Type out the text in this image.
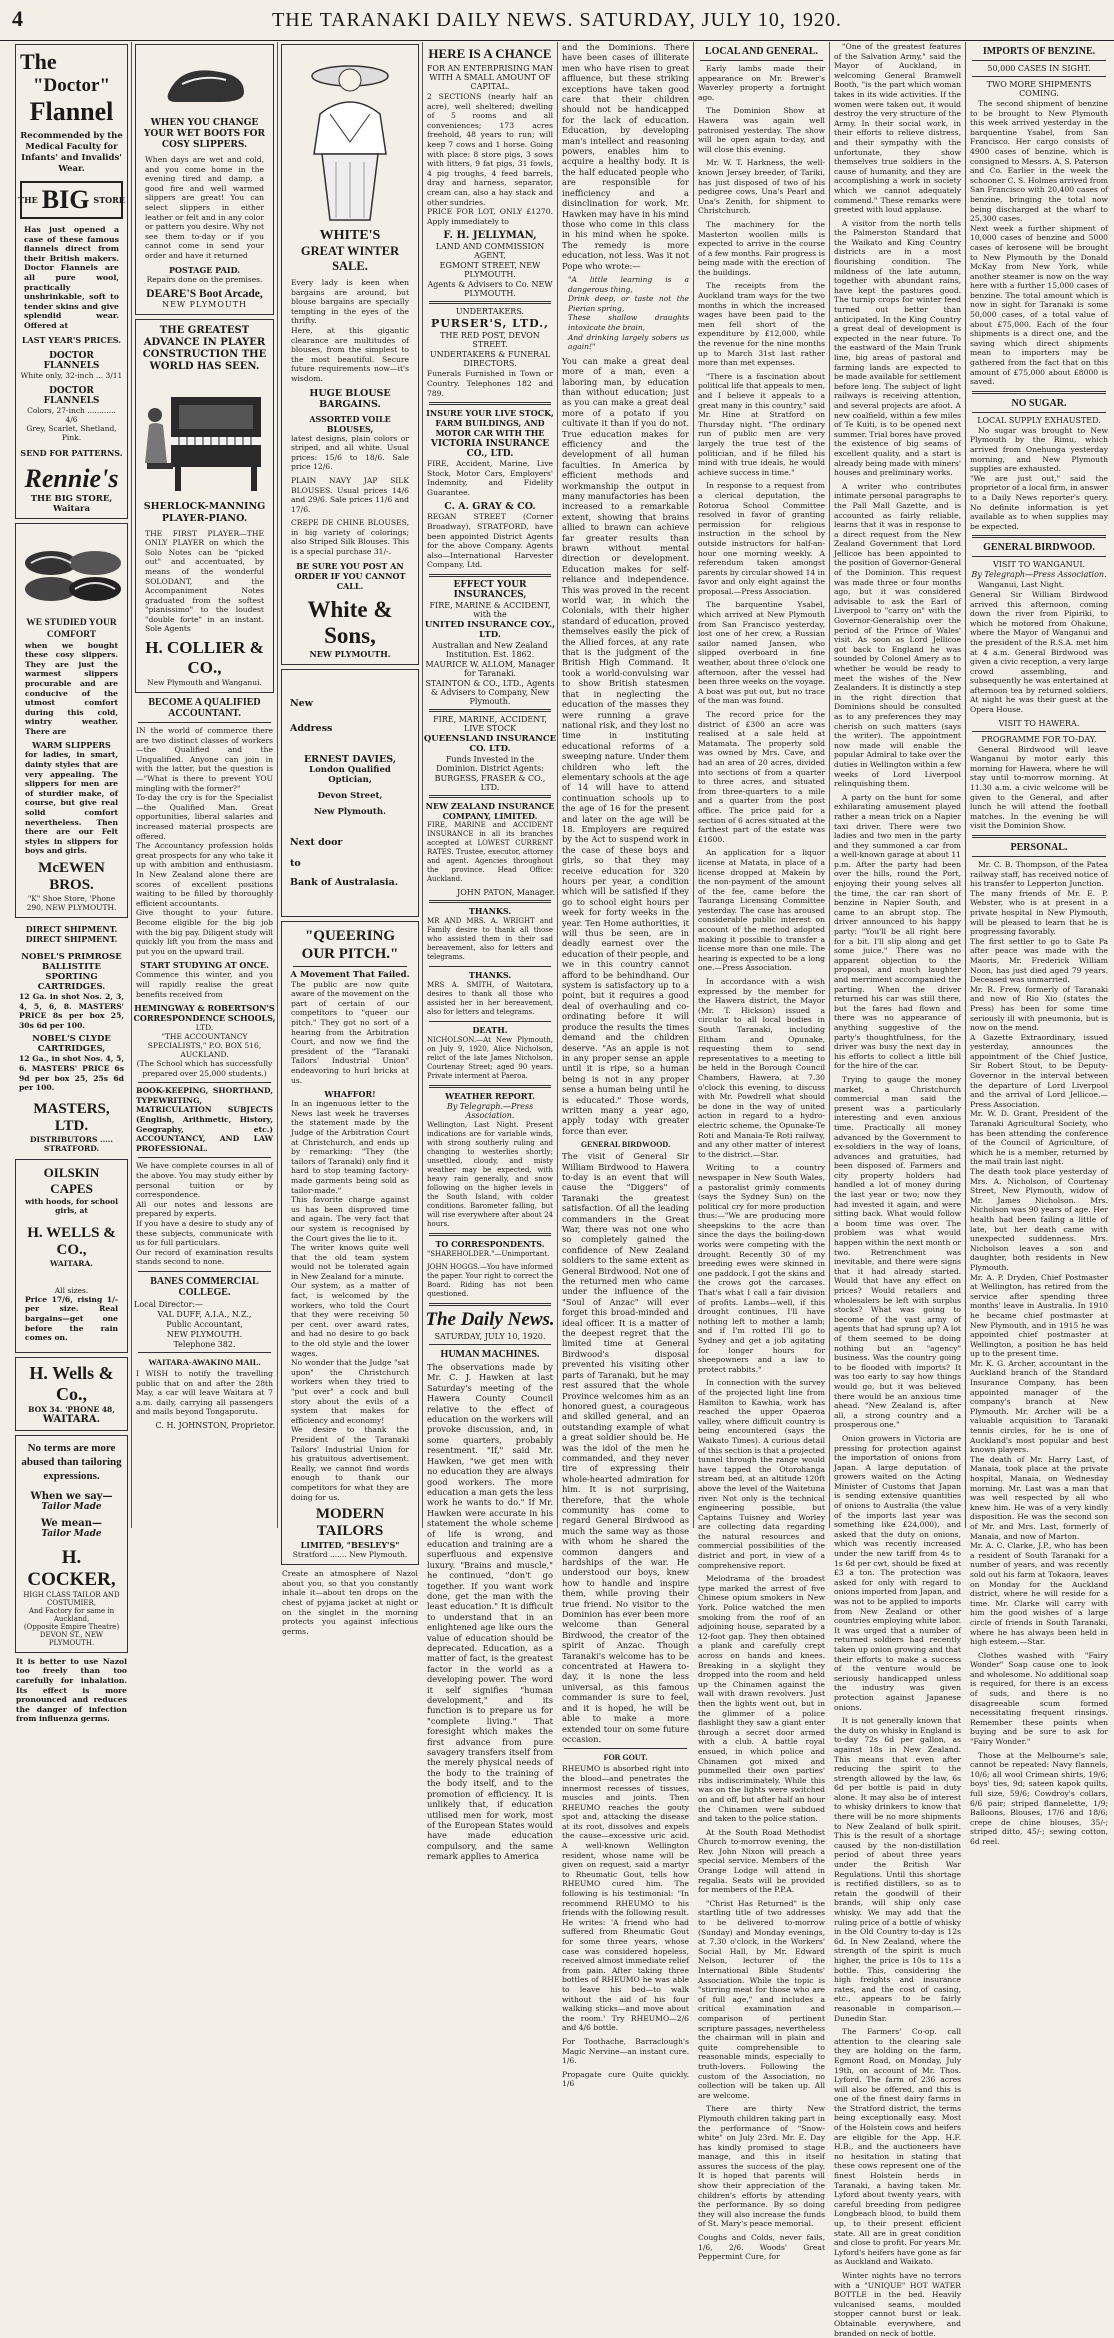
4	THE TARANAKI DAILY NEWS. SATURDAY, JULY 10, 1920.
The
"Doctor"
Flannel
Recommended by the Medical Faculty for Infants' and Invalids' Wear.
THE BIG STORE
Has just opened a case of these famous flannels direct from their British makers. Doctor Flannels are all pure wool, practically unshrinkable, soft to tender skins and give splendid wear. Offered at
LAST YEAR'S PRICES.
DOCTOR FLANNELS
White only, 32-inch ... 3/11
DOCTOR FLANNELS
Colors, 27-inch ............ 4/6
Grey, Scarlet, Shetland, Pink.
SEND FOR PATTERNS.
Rennie's
THE BIG STORE, Waitara
WE STUDIED YOUR COMFORT
when we bought these cosy slippers. They are just the warmest slippers procurable and are conducive of the utmost comfort during this cold, wintry weather. There are
WARM SLIPPERS
for ladies, in smart, dainty styles that are very appealing. The slippers for men are of sturdier make, of course, but give real solid comfort nevertheless. Then there are our Felt styles in slippers for boys and girls.
McEWEN BROS.
"K" Shoe Store, 'Phone 290, NEW PLYMOUTH.
DIRECT SHIPMENT.
DIRECT SHIPMENT.
NOBEL'S PRIMROSE BALLISTITE SPORTING CARTRIDGES.
12 Ga. in shot Nos. 2, 3, 4, 5, 6, 8. MASTERS' PRICE 8s per box 25, 30s 6d per 100.
NOBEL'S CLYDE CARTRIDGES,
12 Ga., in shot Nos. 4, 5, 6. MASTERS' PRICE 6s 9d per box 25, 25s 6d per 100.
MASTERS, LTD.
DISTRIBUTORS ..... STRATFORD.
OILSKIN CAPES
with hoods, for school girls, at
H. WELLS & CO.,
WAITARA.
All sizes.
Price 17/6, rising 1/- per size. Real bargains—get one before the rain comes on.
H. Wells & Co.,
BOX 34. 'PHONE 48,
WAITARA.
No terms are more abused than tailoring expressions.
When we say—
Tailor Made
We mean—
Tailor Made
H. COCKER,
HIGH CLASS TAILOR AND COSTUMIER,
And Factory for same in Auckland,
(Opposite Empire Theatre)
DEVON ST., NEW PLYMOUTH.
It is better to use Nazol too freely than too carefully for inhalation. Its effect is more pronounced and reduces the danger of infection from influenza germs.
WHEN YOU CHANGE YOUR WET BOOTS FOR COSY SLIPPERS.
When days are wet and cold, and you come home in the evening tired and damp, a good fire and well warmed slippers are great! You can select slippers in either leather or felt and in any color or pattern you desire. Why not see them to-day or if you cannot come in send your order and have it returned
POSTAGE PAID.
Repairs done on the premises.
DEARE'S Boot Arcade,
NEW PLYMOUTH
THE GREATEST ADVANCE IN PLAYER CONSTRUCTION THE WORLD HAS SEEN.
SHERLOCK-MANNING PLAYER-PIANO.
THE FIRST PLAYER—THE ONLY PLAYER on which the Solo Notes can be "picked out" and accentuated, by means of the wonderful SOLODANT, and the Accompaniment Notes graduated from the softest "pianissimo" to the loudest "double forte" in an instant. Sole Agents
H. COLLIER & CO.,
New Plymouth and Wanganui.
BECOME A QUALIFIED ACCOUNTANT.
IN the world of commerce there are two distinct classes of workers—the Qualified and the Unqualified. Anyone can join in with the latter, but the question is—"What is there to prevent YOU mingling with the former?"
To-day the cry is for the Specialist—the Qualified Man. Great opportunities, liberal salaries and increased material prospects are offered.
The Accountancy profession holds great prospects for any who take it up with ambition and enthusiasm. In New Zealand alone there are scores of excellent positions waiting to be filled by thoroughly efficient accountants.
Give thought to your future. Become eligible for the big job with the big pay. Diligent study will quickly lift you from the mass and put you on the upward trail.
START STUDYING AT ONCE.
Commence this winter, and you will rapidly realise the great benefits received from
HEMINGWAY & ROBERTSON'S CORRESPONDENCE SCHOOLS,
LTD.
"THE ACCOUNTANCY SPECIALISTS," P.O. BOX 516, AUCKLAND.
(The School which has successfully prepared over 25,000 students.)
BOOK-KEEPING, SHORTHAND, TYPEWRITING, MATRICULATION SUBJECTS (English, Arithmetic, History, Geography, etc.) ACCOUNTANCY, AND LAW PROFESSIONAL.
We have complete courses in all of the above. You may study either by personal tuition or by correspondence.
All our notes and lessons are prepared by experts.
If you have a desire to study any of these subjects, communicate with us for full particulars.
Our record of examination results stands second to none.
BANES COMMERCIAL COLLEGE.
Local Director:—
VAL DUFF, A.I.A., N.Z.,
Public Accountant,
NEW PLYMOUTH.
Telephone 382.
WAITARA-AWAKINO MAIL.
I WISH to notify the travelling public that on and after the 28th May, a car will leave Waitara at 7 a.m. daily, carrying all passengers and mails beyond Tongaporutu.
C. H. JOHNSTON, Proprietor.
WHITE'S
GREAT WINTER SALE.
Every lady is keen when bargains are around, but blouse bargains are specially tempting in the eyes of the thrifty.
Here, at this gigantic clearance are multitudes of blouses, from the simplest to the most beautiful. Secure future requirements now—it's wisdom.
HUGE BLOUSE BARGAINS.
ASSORTED VOILE BLOUSES,
latest designs, plain colors or striped, and all white. Usual prices: 15/6 to 18/6. Sale price 12/6.
PLAIN NAVY JAP SILK BLOUSES. Usual prices 14/6 and 29/6. Sale prices 11/6 and 17/6.
CREPE DE CHINE BLOUSES, in big variety of colorings; also Striped Silk Blouses. This is a special purchase 31/-.
BE SURE YOU POST AN ORDER IF YOU CANNOT CALL.
White & Sons,
NEW PLYMOUTH.
New
Address
ERNEST DAVIES,
London Qualified Optician,
Devon Street,
New Plymouth.
Next door
to
Bank of Australasia.
"QUEERING OUR PITCH."
A Movement That Failed.
The public are now quite aware of the movement on the part of certain of our competitors to "queer our pitch." They got no sort of a hearing from the Arbitration Court, and now we find the president of the "Taranaki Tailors' Industrial Union" endeavoring to hurl bricks at us.
WHAFFOR!
In an ingenuous letter to the News last week he traverses the statement made by the Judge of the Arbitration Court at Christchurch, and ends up by remarking: "They (the tailors of Taranaki) only find it hard to stop teaming factory-made garments being sold as tailor-made."
This favorite charge against us has been disproved time and again. The very fact that our system is recognised by the Court gives the lie to it.
The writer knows quite well that the old team system would not be tolerated again in New Zealand for a minute.
Our system, as a matter of fact, is welcomed by the workers, who told the Court that they were receiving 50 per cent. over award rates, and had no desire to go back to the old style and the lower wages.
No wonder that the Judge "sat upon" the Christchurch workers when they tried to "put over" a cock and bull story about the evils of a system that makes for efficiency and economy!
We desire to thank the President of the Taranaki Tailors' Industrial Union for his gratuitous advertisement. Really, we cannot find words enough to thank our competitors for what they are doing for us.
MODERN TAILORS
LIMITED, "BESLEY'S"
Stratford ....... New Plymouth.
Create an atmosphere of Nazol about you, so that you constantly inhale it—about ten drops on the chest of pyjama jacket at night or on the singlet in the morning protects you against infectious germs.
HERE IS A CHANCE
FOR AN ENTERPRISING MAN WITH A SMALL AMOUNT OF CAPITAL.
2 SECTIONS (nearly half an acre), well sheltered; dwelling of 5 rooms and all conveniences; 173 acres freehold, 48 years to run; will keep 7 cows and 1 horse. Going with place: 8 store pigs, 3 sows with litters, 9 fat pigs, 31 fowls, 4 pig troughs, 4 feed barrels, dray and harness, separator, cream can, also a hay stack and other sundries.
PRICE FOR LOT, ONLY £1270. Apply immediately to
F. H. JELLYMAN,
LAND AND COMMISSION AGENT,
EGMONT STREET, NEW PLYMOUTH.
Agents & Advisers to Co. NEW PLYMOUTH.
UNDERTAKERS.
PURSER'S, LTD.,
THE RED POST, DEVON STREET.
UNDERTAKERS & FUNERAL DIRECTORS.
Funerals Furnished in Town or Country. Telephones 182 and 789.
INSURE YOUR LIVE STOCK, FARM BUILDINGS, AND MOTOR CAR WITH THE
VICTORIA INSURANCE CO., LTD.
FIRE, Accident, Marine, Live Stock, Motor Cars, Employers' Indemnity, and Fidelity Guarantee.
C. A. GRAY & CO.
REGAN STREET (Corner Broadway), STRATFORD, have been appointed District Agents for the above Company. Agents also—International Harvester Company, Ltd.
EFFECT YOUR INSURANCES,
FIRE, MARINE & ACCIDENT, with the
UNITED INSURANCE COY., LTD.
Australian and New Zealand Institution. Est. 1862.
MAURICE W. ALLOM, Manager for Taranaki.
STAINTON & CO., LTD., Agents & Advisers to Company, New Plymouth.
FIRE, MARINE, ACCIDENT, LIVE STOCK
QUEENSLAND INSURANCE CO. LTD.
Funds Invested in the Dominion. District Agents:
BURGESS, FRASER & CO., LTD.
NEW ZEALAND INSURANCE COMPANY, LIMITED.
FIRE, MARINE and ACCIDENT INSURANCE in all its branches accepted at LOWEST CURRENT RATES. Trustee, executor, attorney and agent. Agencies throughout the province. Head Office: Auckland.
JOHN PATON, Manager.
THANKS.
MR AND MRS. A. WRIGHT and Family desire to thank all those who assisted them in their sad bereavement, also for letters and telegrams.
THANKS.
MRS A. SMITH, of Waitotara, desires to thank all those who assisted her in her bereavement, also for letters and telegrams.
DEATH.
NICHOLSON.—At New Plymouth, on July 9, 1920, Alice Nicholson, relict of the late James Nicholson, Courtenay Street; aged 90 years. Private interment at Paeroa.
WEATHER REPORT.
By Telegraph.—Press Association.
Wellington, Last Night. Present indications are for variable winds, with strong southerly ruling and changing to westerlies shortly; unsettled, cloudy, and misty weather may be expected, with heavy rain generally, and snow following on the higher levels in the South Island, with colder conditions. Barometer falling, but will rise everywhere after about 24 hours.
TO CORRESPONDENTS.
"SHAREHOLDER."—Unimportant.
JOHN HOGGS.—You have informed the paper. Your right to correct the Board. Riding has not been questioned.
The Daily News.
SATURDAY, JULY 10, 1920.
HUMAN MACHINES.
The observations made by Mr. C. J. Hawken at last Saturday's meeting of the Hawera County Council relative to the effect of education on the workers will provoke discussion, and, in some quarters, probably resentment. "If," said Mr. Hawken, "we get men with no education they are always good workers. The more education a man gets the less work he wants to do." If Mr. Hawken were accurate in his statement the whole scheme of life is wrong, and education and training are a superfluous and expensive luxury. "Brains and muscle," he continued, "don't go together. If you want work done, get the man with the least education." It is difficult to understand that in an enlightened age like ours the value of education should be deprecated. Education, as a matter of fact, is the greatest factor in the world as a developing power. The word it self signifies "human development," and its function is to prepare us for "complete living." That foresight which makes the first advance from pure savagery transfers itself from the merely physical needs of the body to the training of the body itself, and to the promotion of efficiency. It is unlikely that, if education utilised men for work, most of the European States would have made education compulsory, and the same remark applies to America
and the Dominions. There have been cases of illiterate men who have risen to great affluence, but these striking exceptions have taken good care that their children should not be handicapped for the lack of education. Education, by developing man's intellect and reasoning powers, enables him to acquire a healthy body. It is the half educated people who are responsible for inefficiency and a disinclination for work. Mr. Hawken may have in his mind those who come in this class in his mind when he spoke. The remedy is more education, not less. Was it not Pope who wrote:—
"A little learning is a dangerous thing,
Drink deep, or taste not the Pierian spring,
These shallow draughts intoxicate the brain,
And drinking largely sobers us again!"
You can make a great deal more of a man, even a laboring man, by education than without education; just as you can make a great deal more of a potato if you cultivate it than if you do not. True education makes for efficiency and the development of all human faculties. In America by efficient methods and workmanship the output in many manufactories has been increased to a remarkable extent, showing that brains allied to brawn can achieve far greater results than brawn without mental direction or development. Education makes for self-reliance and independence. This was proved in the recent world war, in which the Colonials, with their higher standard of education, proved themselves easily the pick of the Allied forces, at any rate that is the judgment of the British High Command. It took a world-convulsing war to show British statesmen that in neglecting the education of the masses they were running a grave national risk, and they lost no time in instituting educational reforms of a sweeping nature. Under them children who left the elementary schools at the age of 14 will have to attend continuation schools up to the age of 16 for the present and later on the age will be 18. Employers are required by the Act to suspend work in the case of these boys and girls, so that they may receive education for 320 hours per year, a condition which will be satisfied if they go to school eight hours per week for forty weeks in the year. Ten Home authorities, it will thus be seen, are in deadly earnest over the education of their people, and we in this country cannot afford to be behindhand. Our system is satisfactory up to a point, but it requires a good deal of overhauling and co-ordinating before it will produce the results the times demand and the children deserve. "As an apple is not in any proper sense an apple until it is ripe, so a human being is not in any proper sense a human being until he is educated." Those words, written many a year ago, apply today with greater force than ever.
GENERAL BIRDWOOD.
The visit of General Sir William Birdwood to Hawera to-day is an event that will cause the "Diggers" of Taranaki the greatest satisfaction. Of all the leading commanders in the Great War, there was not one who so completely gained the confidence of New Zealand soldiers to the same extent as General Birdwood. Not one of the returned men who came under the influence of the "Soul of Anzac" will ever forget this broad-minded and ideal officer. It is a matter of the deepest regret that the limited time at General Birdwood's disposal prevented his visiting other parts of Taranaki, but he may rest assured that the whole Province welcomes him as an honored guest, a courageous and skilled general, and an outstanding example of what a great soldier should be. He was the idol of the men he commanded, and they never tire of expressing their whole-hearted admiration for him. It is not surprising, therefore, that the whole community has come to regard General Birdwood as much the same way as those with whom he shared the common dangers and hardships of the war. He understood our boys, knew how to handle and inspire them, while proving their true friend. No visitor to the Dominion has ever been more welcome than General Birdwood, the creator of the spirit of Anzac. Though Taranaki's welcome has to be concentrated at Hawera to-day, it is none the less universal, as this famous commander is sure to feel, and it is hoped, he will be able to make a more extended tour on some future occasion.
FOR GOUT.
RHEUMO is absorbed right into the blood—and penetrates the innermost recesses of tissues, muscles and joints. Then RHEUMO reaches the gouty spot and, attacking the disease at its root, dissolves and expels the cause—excessive uric acid. A well-known Wellington resident, whose name will be given on request, said a martyr to Rheumatic Gout, tells how RHEUMO cured him. The following is his testimonial: "In recommend RHEUMO to his friends with the following result. He writes: 'A friend who had suffered from Rheumatic Gout for some three years, whose case was considered hopeless, received almost immediate relief from pain. After taking three bottles of RHEUMO he was able to leave his bed—to walk without the aid of his four walking sticks—and move about the room.' Try RHEUMO—2/6 and 4/6 bottle.
For Toothache, Barraclough's Magic Nervine—an instant cure. 1/6.
Propagate cure Quite quickly. 1/6
LOCAL AND GENERAL.
Early lambs made their appearance on Mr. Brewer's Waverley property a fortnight ago.
The Dominion Show at Hawera was again well patronised yesterday. The show will be open again to-day, and will close this evening.
Mr. W. T. Harkness, the well-known Jersey breeder, of Tariki, has just disposed of two of his pedigree cows, Una's Pearl and Una's Zenith, for shipment to Christchurch.
The machinery for the Masterton woollen mills is expected to arrive in the course of a few months. Fair progress is being made with the erection of the buildings.
The receipts from the Auckland tram ways for the two months in which the increased wages have been paid to the men fell short of the expenditure by £12,000, while the revenue for the nine months up to March 31st last rather more than met expenses.
"There is a fascination about political life that appeals to men, and I believe it appeals to a great many in this country," said Mr. Hine at Stratford on Thursday night. "The ordinary run of public men are very largely the true test of the politician, and if he filled his mind with true ideals, he would achieve success in time."
In response to a request from a clerical deputation, the Rotorua School Committee resolved in favor of granting permission for religious instruction in the school by outside instructors for half-an-hour one morning weekly. A referendum taken amongst parents by circular showed 14 in favor and only eight against the proposal.—Press Association.
The barquentine Ysabel, which arrived at New Plymouth from San Francisco yesterday, lost one of her crew, a Russian sailor named Jansen, who slipped overboard in fine weather, about three o'clock one afternoon, after the vessel had been three weeks on the voyage. A boat was put out, but no trace of the man was found.
The record price for the district of £300 an acre was realised at a sale held at Matamata. The property sold was owned by Mrs. Cave, and had an area of 20 acres, divided into sections of from a quarter to three acres, and situated from three-quarters to a mile and a quarter from the post office. The price paid for a section of 6 acres situated at the farthest part of the estate was £1600.
An application for a liquor license at Matata, in place of a license dropped at Makein by the non-payment of the amount of the fee, came before the Tauranga Licensing Committee yesterday. The case has aroused considerable public interest on account of the method adopted making it possible to transfer a license more than one mile. The hearing is expected to be a long one.—Press Association.
In accordance with a wish expressed by the member for the Hawera district, the Mayor (Mr. T. Hickson) issued a circular to all local bodies in South Taranaki, including Eltham and Opunake, requesting them to send representatives to a meeting to be held in the Borough Council Chambers, Hawera, at 7.30 o'clock this evening, to discuss with Mr. Powdrell what should be done in the way of united action in regard to a hydro-electric scheme, the Opunake-Te Roti and Manaia-Te Roti railway, and any other matter of interest to the district.—Star.
Writing to a country newspaper in New South Wales, a pastoralist grimly comments (says the Sydney Sun) on the political cry for more production thus:—"We are producing more sheepskins to the acre than since the days the boiling-down works were competing with the drought. Recently 30 of my breeding ewes were skinned in one paddock. I got the skins and the crows got the carcases. That's what I call a fair division of profits. Lambs—well, if this drought continues, I'll have nothing left to mother a lamb; and if I'm rotted I'll go to Sydney and get a job agitating for longer hours for sheepowners and a law to protect rabbits."
In connection with the survey of the projected light line from Hamilton to Kawhia, work has reached the upper Opaeroa valley, where difficult country is being encountered (says the Waikato Times). A curious detail of this section is that a projected tunnel through the range would have tapped the Otorohanga stream bed, at an altitude 120ft above the level of the Waitetuna river. Not only is the technical engineering possible, but Captains Tuisney and Worley are collecting data regarding the natural resources and commercial possibilities of the district and port, in view of a comprehensive report.
Melodrama of the broadest type marked the arrest of five Chinese opium smokers in New York. Police watched the men smoking from the roof of an adjoining house, separated by a 12-foot gap. They then obtained a plank and carefully crept across on hands and knees. Breaking in a skylight they dropped into the room and held up the Chinamen against the wall with drawn revolvers. Just then the lights went out, but in the glimmer of a police flashlight they saw a giant enter through a secret door armed with a club. A battle royal ensued, in which police and Chinamen got mixed and pummelled their own parties' ribs indiscriminately. While this was on the lights were switched on and off, but after half an hour the Chinamen were subdued and taken to the police station.
At the South Road Methodist Church to-morrow evening, the Rev. John Nixon will preach a special service. Members of the Orange Lodge will attend in regalia. Seats will be provided for members of the P.P.A.
"Christ Has Returned" is the startling title of two addresses to be delivered to-morrow (Sunday) and Monday evenings, at 7.30 o'clock, in the Workers' Social Hall, by Mr. Edward Nelson, lecturer of the International Bible Students' Association. While the topic is "stirring meat for those who are of full age," and includes a critical examination and comparison of pertinent scripture passages, nevertheless the chairman will in plain and quite comprehensible to reasonable minds, especially to truth-lovers. Following the custom of the Association, no collection will be taken up. All are welcome.
There are thirty New Plymouth children taking part in the performance of "Snow-white" on July 23rd. Mr. E. Day has kindly promised to stage manage, and this in itself assures the success of the play. It is hoped that parents will show their appreciation of the children's efforts by attending the performance. By so doing they will also increase the funds of St. Mary's peace memorial.
Coughs and Colds, never fails, 1/6, 2/6. Woods' Great Peppermint Cure, for
"One of the greatest features of the Salvation Army," said the Mayor of Auckland, in welcoming General Bramwell Booth, "is the part which woman takes in its wide activities. If the women were taken out, it would destroy the very structure of the Army. In their social work, in their efforts to relieve distress, and their sympathy with the unfortunate, they show themselves true soldiers in the cause of humanity, and they are accomplishing a work in society which we cannot adequately commend." These remarks were greeted with loud applause.
A visitor from the north tells the Palmerston Standard that the Waikato and King Country districts are in a most flourishing condition. The mildness of the late autumn, together with abundant rains, have kept the pastures good. The turnip crops for winter feed turned out better than anticipated. In the King Country a great deal of development is expected in the near future. To the eastward of the Main Trunk line, big areas of pastoral and farming lands are expected to be made available for settlement before long. The subject of light railways is receiving attention, and several projects are afoot. A new coalfield, within a few miles of Te Kuiti, is to be opened next summer. Trial bores have proved the existence of big seams of excellent quality, and a start is already being made with miners' houses and preliminary works.
A writer who contributes intimate personal paragraphs to the Pall Mall Gazette, and is accounted as fairly reliable, learns that it was in response to a direct request from the New Zealand Government that Lord Jellicoe has been appointed to the position of Governor-General of the Dominion. This request was made three or four months ago, but it was considered advisable to ask the Earl of Liverpool to "carry on" with the Governor-Generalship over the period of the Prince of Wales' visit. As soon as Lord Jellicoe got back to England he was sounded by Colonel Amery as to whether he would be ready to meet the wishes of the New Zealanders. It is distinctly a step in the right direction that Dominions should be consulted as to any preferences they may cherish on such matters (says the writer). The appointment now made will enable the popular Admiral to take over the duties in Wellington within a few weeks of Lord Liverpool relinquishing them.
A party on the hunt for some exhilarating amusement played rather a mean trick on a Napier taxi driver. There were two ladies and two men in the party and they summoned a car from a well-known garage at about 11 p.m. After the party had been over the hills, round the Port, enjoying their young selves all the time, the car ran short of benzine in Napier South, and came to an abrupt stop. The driver announced to his happy party: "You'll be all right here for a bit. I'll slip along and get some juice." There was no apparent objection to the proposal, and much laughter and merriment accompanied the parting. When the driver returned his car was still there, but the fares had flown and there was no appearance of anything suggestive of the party's thoughtfulness, for the driver was busy the next day in his efforts to collect a little bill for the hire of the car.
Trying to gauge the money market, a Christchurch commercial man said the present was a particularly interesting and even anxious time. Practically all money advanced by the Government to ex-soldiers in the way of loans, advances and gratuities, had been disposed of. Farmers and city property holders had handled a lot of money during the last year or two; now they had invested it again, and were sitting back. What would follow a boom time was over. The problem was what would happen within the next month or two. Retrenchment was inevitable, and there were signs that it had already started. Would that have any effect on prices? Would retailers and wholesalers be left with surplus stocks? What was going to become of the vast army of agents that had sprung up? A lot of them seemed to be doing nothing but an "agency" business. Was the country going to be flooded with imports? It was too early to say how things would go, but it was believed there would be an anxious time ahead. "New Zealand is, after all, a strong country and a prosperous one."
Onion growers in Victoria are pressing for protection against the importation of onions from Japan. A large deputation of growers waited on the Acting Minister of Customs that Japan is sending extensive quantities of onions to Australia (the value of the imports last year was something like £24,000), and asked that the duty on onions, which was recently increased under the new tariff from 4s to 1s 6d per cwt, should be fixed at £3 a ton. The protection was asked for only with regard to onions imported from Japan, and was not to be applied to imports from New Zealand or other countries employing white labor. It was urged that a number of returned soldiers had recently taken up onion growing and that their efforts to make a success of the venture would be seriously handicapped unless the industry was given protection against Japanese onions.
It is not generally known that the duty on whisky in England is to-day 72s 6d per gallon, as against 18s in New Zealand. This means that even after reducing the spirit to the strength allowed by the law, 6s 6d per bottle is paid in duty alone. It may also be of interest to whisky drinkers to know that there will be no more shipments to New Zealand of bulk spirit. This is the result of a shortage caused by the non-distillation period of about three years under the British War Regulations. Until this shortage is rectified distillers, so as to retain the goodwill of their brands, will ship only case whisky. We may add that the ruling price of a bottle of whisky in the Old Country to-day is 12s 6d. In New Zealand, where the strength of the spirit is much higher, the price is 10s to 11s a bottle. This, considering the high freights and insurance rates, and the cost of casing, etc., appears to be fairly reasonable in comparison.—Dunedin Star.
The Farmers' Co-op. call attention to the clearing sale they are holding on the farm, Egmont Road, on Monday, July 19th, on account of Mr. Thos. Lyford. The farm of 236 acres will also be offered, and this is one of the finest dairy farms in the Stratford district, the terms being exceptionally easy. Most of the Holstein cows and heifers are eligible for the App. H.F. H.B., and the auctioneers have no hesitation in stating that these cows represent one of the finest Holstein herds in Taranaki, a having taken Mr. Lyford about twenty years, with careful breeding from pedigree Longbeach blood, to build them up, to their present efficient state. All are in great condition and close to profit. For years Mr. Lyford's heifers have gone as far as Auckland and Waikato.
Winter nights have no terrors with a "UNIQUE" HOT WATER BOTTLE in the bed. Heavily vulcanised seams, moulded stopper cannot burst or leak. Obtainable everywhere, and branded on neck of bottle.
IMPORTS OF BENZINE.
50,000 CASES IN SIGHT.
TWO MORE SHIPMENTS COMING.
The second shipment of benzine to be brought to New Plymouth this week arrived yesterday in the barquentine Ysabel, from San Francisco. Her cargo consists of 4900 cases of benzine, which is consigned to Messrs. A. S. Paterson and Co. Earlier in the week the schooner C. S. Holmes arrived from San Francisco with 20,400 cases of benzine, bringing the total now being discharged at the wharf to 25,300 cases.
Next week a further shipment of 10,000 cases of benzine and 5000 cases of kerosene will be brought to New Plymouth by the Donald McKay from New York, while another steamer is now on the way here with a further 15,000 cases of benzine. The total amount which is now in sight for Taranaki is some 50,000 cases, of a total value of about £75,000. Each of the four shipments is a direct one, and the saving which direct shipments mean to importers may be gathered from the fact that on this amount of £75,000 about £8000 is saved.
NO SUGAR.
LOCAL SUPPLY EXHAUSTED.
No sugar was brought to New Plymouth by the Rimu, which arrived from Onehunga yesterday morning, and New Plymouth supplies are exhausted.
"We are just out," said the proprietor of a local firm, in answer to a Daily News reporter's query. No definite information is yet available as to when supplies may be expected.
GENERAL BIRDWOOD.
VISIT TO WANGANUI.
By Telegraph—Press Association.
Wanganui, Last Night.
General Sir William Birdwood arrived this afternoon, coming down the river from Pipiriki, to which he motored from Ohakune, where the Mayor of Wanganui and the president of the R.S.A. met him at 4 a.m. General Birdwood was given a civic reception, a very large crowd assembling, and subsequently he was entertained at afternoon tea by returned soldiers. At night he was their guest at the Opera House.
VISIT TO HAWERA.
PROGRAMME FOR TO-DAY.
General Birdwood will leave Wanganui by motor early this morning for Hawera, where he will stay until to-morrow morning. At 11.30 a.m. a civic welcome will be given to the General, and after lunch he will attend the football matches. In the evening he will visit the Dominion Show.
PERSONAL.
Mr. C. B. Thompson, of the Patea railway staff, has received notice of his transfer to Lepperton Junction.
The many friends of Mr. E. P. Webster, who is at present in a private hospital in New Plymouth, will be pleased to learn that he is progressing favorably.
The first settler to go to Gate Pa after peace was made with the Maoris, Mr. Frederick William Noon, has just died aged 79 years. Deceased was unmarried.
Mr. R. Frew, formerly of Taranaki and now of Rio Xio (states the Press) has been for some time seriously ill with pneumonia, but is now on the mend.
A Gazette Extraordinary, issued yesterday, announces the appointment of the Chief Justice, Sir Robert Stout, to be Deputy-Governor in the interval between the departure of Lord Liverpool and the arrival of Lord Jellicoe.—Press Association.
Mr. W. D. Grant, President of the Taranaki Agricultural Society, who has been attending the conference of the Council of Agriculture, of which he is a member, returned by the mail train last night.
The death took place yesterday of Mrs. A. Nicholson, of Courtenay Street, New Plymouth, widow of Mr. James Nicholson. Mrs. Nicholson was 90 years of age. Her health had been failing a little of late, but her death came with unexpected suddenness. Mrs. Nicholson leaves a son and daughter, both residents in New Plymouth.
Mr. A. P. Dryden, Chief Postmaster at Wellington, has retired from the service after spending three months' leave in Australia. In 1910 he became chief postmaster at New Plymouth, and in 1915 he was appointed chief postmaster at Wellington, a position he has held up to the present time.
Mr. K. G. Archer, accountant in the Auckland branch of the Standard Insurance Company, has been appointed manager of the company's branch at New Plymouth. Mr. Archer will be a valuable acquisition to Taranaki tennis circles, for he is one of Auckland's most popular and best known players.
The death of Mr. Harry Last, of Manaia, took place at the private hospital, Manaia, on Wednesday morning. Mr. Last was a man that was well respected by all who knew him. He was of a very kindly disposition. He was the second son of Mr. and Mrs. Last, formerly of Manaia, and now of Marton.
Mr. A. C. Clarke, J.P., who has been a resident of South Taranaki for a number of years, and was recently sold out his farm at Tokaora, leaves on Monday for the Auckland district, where he will reside for a time. Mr. Clarke will carry with him the good wishes of a large circle of friends in South Taranaki, where he has always been held in high esteem.—Star.
Clothes washed with "Fairy Wonder" Soap cause one to look and wholesome. No additional soap is required, for there is an excess of suds, and there is no disagreeable scum formed necessitating frequent rinsings. Remember these points when buying and be sure to ask for "Fairy Wonder."
Those at the Melbourne's sale, cannot be repeated: Navy flannels, 10/6; all wool Crimean shirts, 19/6; boys' ties, 9d; sateen kapok quilts, full size, 59/6; Cowdroy's collars, 6/6 pair; striped flannelette, 1/9; Balloons, Blouses, 17/6 and 18/6; crepe de chine blouses, 35/-; striped ditto, 45/-; sewing cotton, 6d reel.
